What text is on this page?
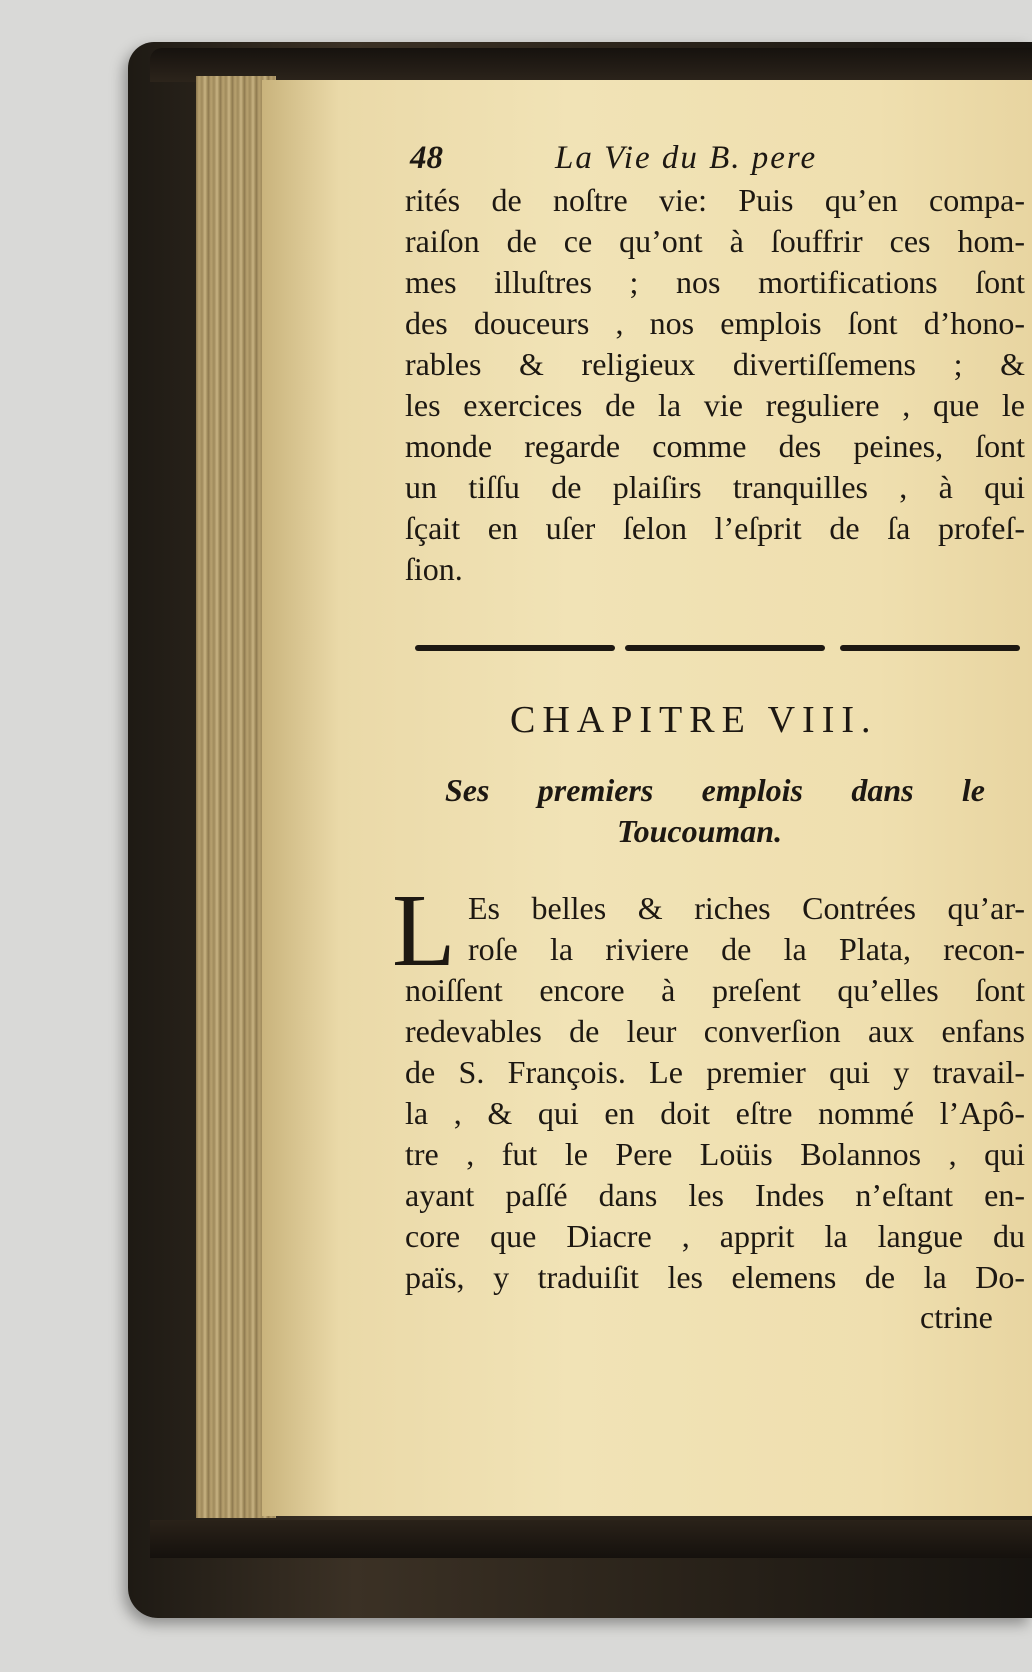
48	La Vie du B. pere
rités de noſtre vie: Puis qu’en compa-
raiſon de ce qu’ont à ſouffrir ces hom-
mes illuſtres ; nos mortifications ſont
des douceurs , nos emplois ſont d’hono-
rables & religieux divertiſſemens ; &
les exercices de la vie reguliere , que le
monde regarde comme des peines, ſont
un tiſſu de plaiſirs tranquilles , à qui
ſçait en uſer ſelon l’eſprit de ſa profeſ-
ſion.
CHAPITRE VIII.
Ses premiers emplois dans le
Toucouman.
L Es belles & riches Contrées qu’ar-
roſe la riviere de la Plata, recon-
noiſſent encore à preſent qu’elles ſont
redevables de leur converſion aux enfans
de S. François. Le premier qui y travail-
la , & qui en doit eſtre nommé l’Apô-
tre , fut le Pere Loüis Bolannos , qui
ayant paſſé dans les Indes n’eſtant en-
core que Diacre , apprit la langue du
païs, y traduiſit les elemens de la Do-
ctrine
